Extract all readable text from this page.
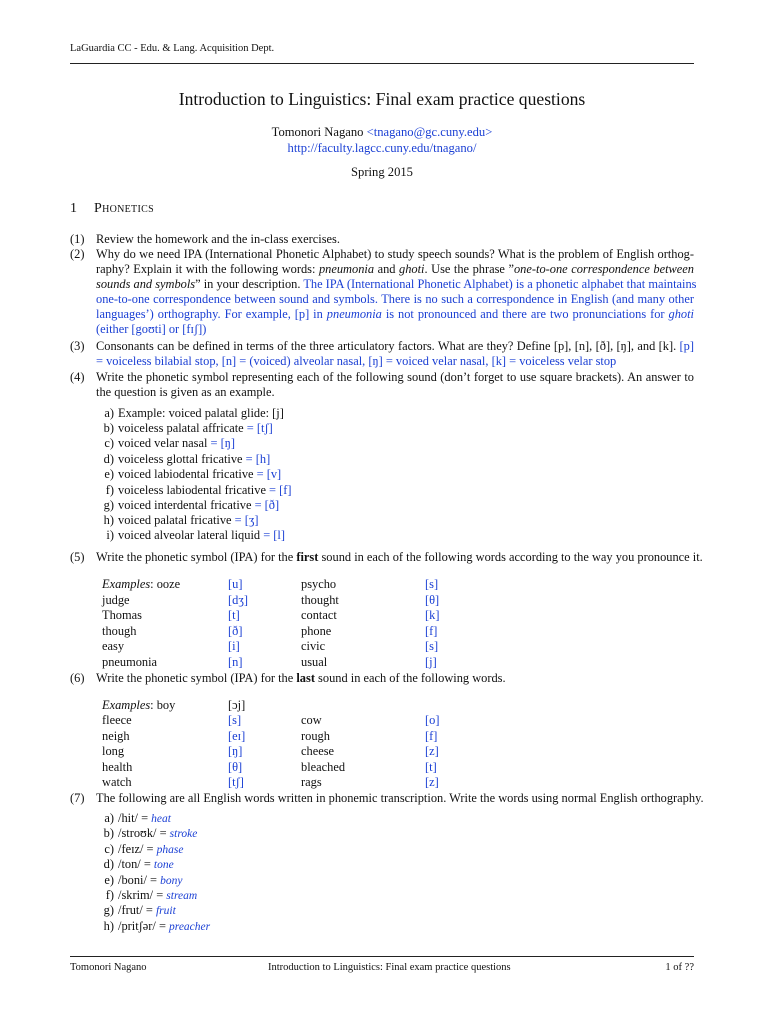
LaGuardia CC - Edu. & Lang. Acquisition Dept.
Introduction to Linguistics: Final exam practice questions
Tomonori Nagano <tnagano@gc.cuny.edu>
http://faculty.lagcc.cuny.edu/tnagano/
Spring 2015
1 Phonetics
(1) Review the homework and the in-class exercises.
(2) Why do we need IPA (International Phonetic Alphabet) to study speech sounds? What is the problem of English orthog-
raphy? Explain it with the following words: pneumonia and ghoti. Use the phrase ”one-to-one correspondence between
sounds and symbols” in your description. The IPA (International Phonetic Alphabet) is a phonetic alphabet that maintains
one-to-one correspondence between sound and symbols. There is no such a correspondence in English (and many other
languages’) orthography. For example, [p] in pneumonia is not pronounced and there are two pronunciations for ghoti
(either [goʊti] or [fɪʃ])
(3) Consonants can be defined in terms of the three articulatory factors. What are they? Define [p], [n], [ð], [ŋ], and [k]. [p]
= voiceless bilabial stop, [n] = (voiced) alveolar nasal, [ŋ] = voiced velar nasal, [k] = voiceless velar stop
(4) Write the phonetic symbol representing each of the following sound (don’t forget to use square brackets). An answer to
the question is given as an example.
a) Example: voiced palatal glide: [j]
b) voiceless palatal affricate = [tʃ]
c) voiced velar nasal = [ŋ]
d) voiceless glottal fricative = [h]
e) voiced labiodental fricative = [v]
f) voiceless labiodental fricative = [f]
g) voiced interdental fricative = [ð]
h) voiced palatal fricative = [ʒ]
i) voiced alveolar lateral liquid = [l]
(5) Write the phonetic symbol (IPA) for the first sound in each of the following words according to the way you pronounce it.
Examples: ooze	[u]	psycho	[s]
judge	[dʒ]	thought	[θ]
Thomas	[t]	contact	[k]
though	[ð]	phone	[f]
easy	[i]	civic	[s]
pneumonia	[n]	usual	[j]
(6) Write the phonetic symbol (IPA) for the last sound in each of the following words.
Examples: boy	[ɔj]
fleece	[s]	cow	[o]
neigh	[eɪ]	rough	[f]
long	[ŋ]	cheese	[z]
health	[θ]	bleached	[t]
watch	[tʃ]	rags	[z]
(7) The following are all English words written in phonemic transcription. Write the words using normal English orthography.
a) /hit/ = heat
b) /stroʊk/ = stroke
c) /feɪz/ = phase
d) /ton/ = tone
e) /boni/ = bony
f) /skrim/ = stream
g) /frut/ = fruit
h) /pritʃər/ = preacher
Tomonori Nagano	Introduction to Linguistics: Final exam practice questions	1 of ??
